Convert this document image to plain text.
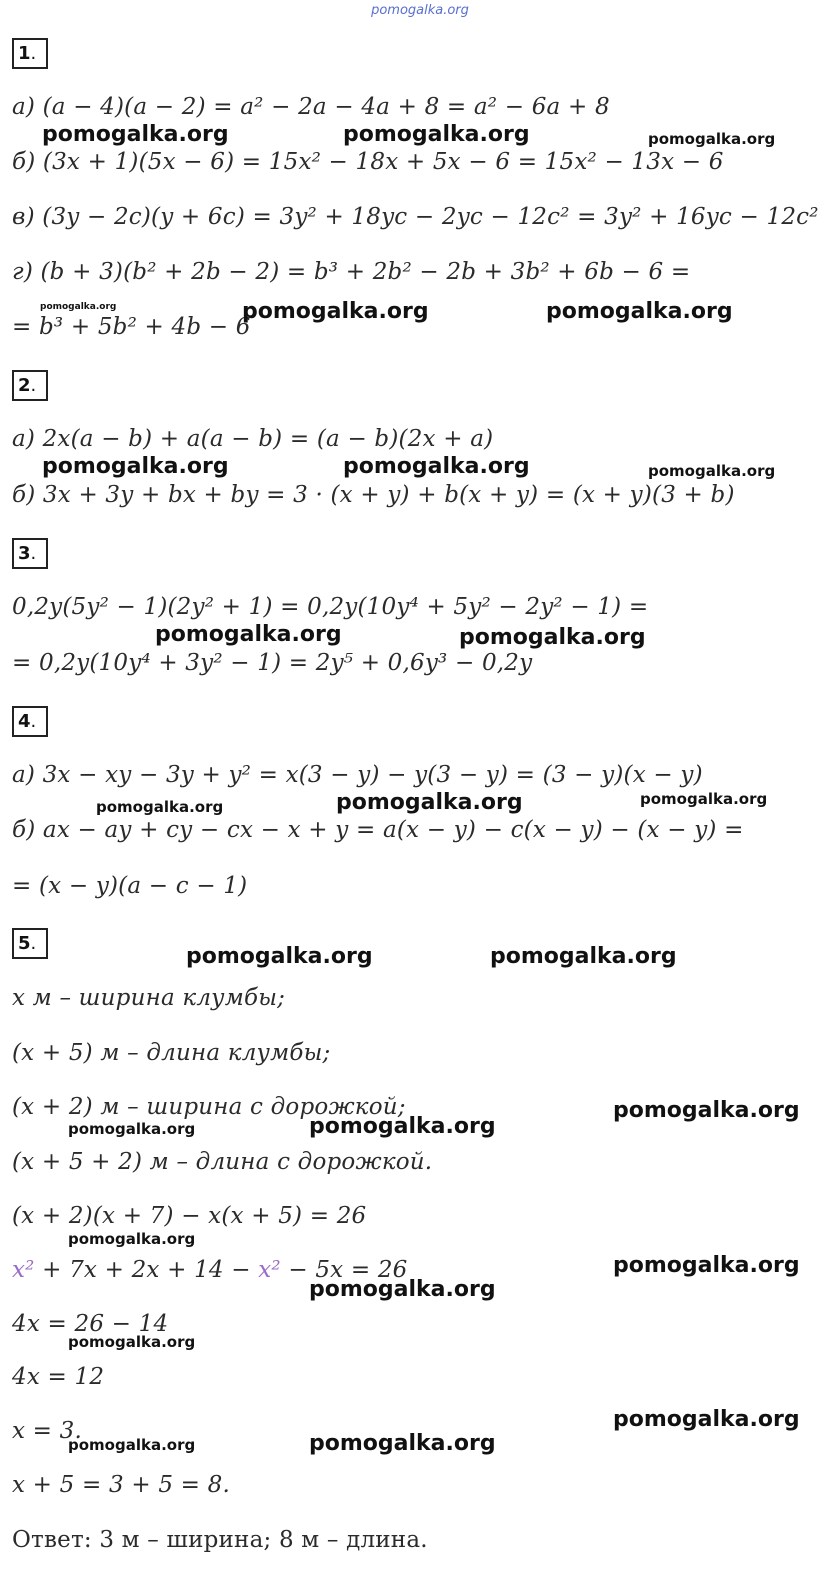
pomogalka.org
1.
а) (a − 4)(a − 2) = a² − 2a − 4a + 8 = a² − 6a + 8
б) (3x + 1)(5x − 6) = 15x² − 18x + 5x − 6 = 15x² − 13x − 6
в) (3y − 2c)(y + 6c) = 3y² + 18yc − 2yc − 12c² = 3y² + 16yc − 12c²
г) (b + 3)(b² + 2b − 2) = b³ + 2b² − 2b + 3b² + 6b − 6 =
= b³ + 5b² + 4b − 6
2.
а) 2x(a − b) + a(a − b) = (a − b)(2x + a)
б) 3x + 3y + bx + by = 3 · (x + y) + b(x + y) = (x + y)(3 + b)
3.
0,2y(5y² − 1)(2y² + 1) = 0,2y(10y⁴ + 5y² − 2y² − 1) =
= 0,2y(10y⁴ + 3y² − 1) = 2y⁵ + 0,6y³ − 0,2y
4.
а) 3x − xy − 3y + y² = x(3 − y) − y(3 − y) = (3 − y)(x − y)
б) ax − ay + cy − cx − x + y = a(x − y) − c(x − y) − (x − y) =
= (x − y)(a − c − 1)
5.
x м – ширина клумбы;
(x + 5) м – длина клумбы;
(x + 2) м – ширина с дорожкой;
(x + 5 + 2) м – длина с дорожкой.
(x + 2)(x + 7) − x(x + 5) = 26
x² + 7x + 2x + 14 − x² − 5x = 26
4x = 26 − 14
4x = 12
x = 3.
x + 5 = 3 + 5 = 8.
Ответ: 3 м – ширина; 8 м – длина.
pomogalka.org	pomogalka.org	pomogalka.org
pomogalka.org	pomogalka.org	pomogalka.org
pomogalka.org	pomogalka.org	pomogalka.org
pomogalka.org	pomogalka.org
pomogalka.org	pomogalka.org	pomogalka.org
pomogalka.org	pomogalka.org
pomogalka.org
pomogalka.org	pomogalka.org
pomogalka.org
pomogalka.org
pomogalka.org
pomogalka.org
pomogalka.org
pomogalka.org	pomogalka.org
